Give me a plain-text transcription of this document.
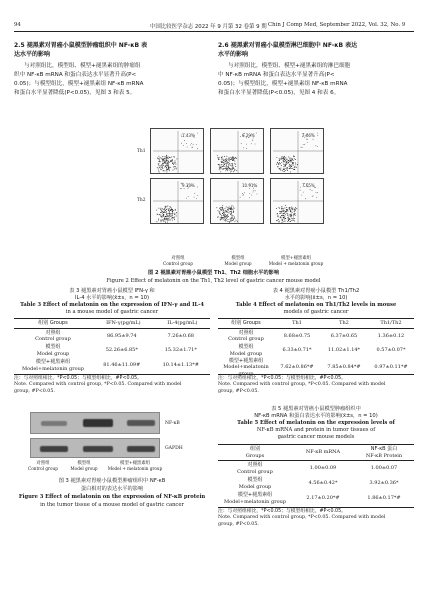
94	中国比较医学杂志 2022 年 9 月第 32 卷第 9 期 Chin J Comp Med, September 2022, Vol. 32, No. 9
2.5 褪黑素对胃癌小鼠模型肿瘤组织中 NF-κB 表
达水平的影响
与对照组比，模型组、模型+褪黑素组的肿瘤组
织中 NF-κB mRNA 和蛋白表达水平显著升高(P<
0.05)；与模型组比，模型+褪黑素组 NF-κB mRNA
和蛋白水平显著降低(P<0.05)，见图 3 和表 5。
2.6 褪黑素对胃癌小鼠模型淋巴细胞中 NF-κB 表达
水平的影响
与对照组比，模型组、模型+褪黑素组的淋巴细胞
中 NF-κB mRNA 和蛋白表达水平显著升高(P<
0.05)；与模型组比，模型+褪黑素组 NF-κB mRNA
和蛋白水平显著降低(P<0.05)，见图 4 和表 6。
Th1
Th2
1.43%	6.29%	7.66%
9.33%	10.91%	7.65%
对照组
Control group
模型组
Model group
模型+褪黑素组
Model + melatonin group
图 2 褪黑素对胃癌小鼠模型 Th1、Th2 细胞水平的影响
Figure 2 Effect of melatonin on the Th1, Th2 level of gastric cancer mouse model
表 3 褪黑素对胃癌小鼠模型 IFN-γ 和
IL-4 水平的影响(x̄±s，n = 10)
Table 3 Effect of melatonin on the expression of IFN-γ and IL-4
in a mouse model of gastric cancer
组别 Groups	IFN-γ(pg/mL)	IL-4(pg/mL)
对照组
Control group	86.95±9.74	7.26±0.68

模型组
Model group	52.26±6.85*	15.32±1.71*

模型+褪黑素组
Model+melatonin group	81.46±11.09#	10.14±1.13*#
注：与对照组相比，*P<0.05；与模型组相比，#P<0.05。
Note. Compared with control group, *P<0.05. Compared with model
group, #P<0.05.
表 4 褪黑素对胃癌小鼠模型 Th1/Th2
水平的影响(x̄±s，n = 10)
Table 4 Effect of melatonin on Th1/Th2 levels in mouse
models of gastric cancer
组别 Groups	Th1	Th2	Th1/Th2
对照组
Control group	8.68±0.75	6.37±0.65	1.36±0.12

模型组
Model group	6.33±0.71*	11.02±1.14*	0.57±0.07*

模型+褪黑素组
Model+melatonin group	7.62±0.86*#	7.85±0.84*#	0.97±0.11*#
注：与对照组相比，*P<0.05；与模型组相比，#P<0.05。
Note. Compared with control group, *P<0.05. Compared with model
group, #P<0.05.
NF-κB
GAPDH
对照组
Control group
模型组
Model group
模型+褪黑素组
Model + melatonin group
图 3 褪黑素对胃癌小鼠模型肿瘤组织中 NF-κB
蛋白相对的表达水平的影响
Figure 3 Effect of melatonin on the expression of NF-κB protein
in the tumor tissue of a mouse model of gastric cancer
表 5 褪黑素对胃癌小鼠模型肿瘤组织中
NF-κB mRNA 和蛋白表达水平的影响(x̄±s，n = 10)
Table 5 Effect of melatonin on the expression levels of
NF-κB mRNA and protein in tumor tissues of
gastric cancer mouse models
组别
Groups
	NF-κB mRNA	
NF-κB 蛋白
NF-κB Protein
对照组
Control group	1.00±0.09	1.00±0.07

模型组
Model group	4.56±0.42*	3.92±0.36*

模型+褪黑素组
Model+melatonin group	2.17±0.20*#	1.86±0.17*#
注：与对照组相比，*P<0.05；与模型组相比，#P<0.05。
Note. Compared with control group, *P<0.05. Compared with model
group, #P<0.05.
